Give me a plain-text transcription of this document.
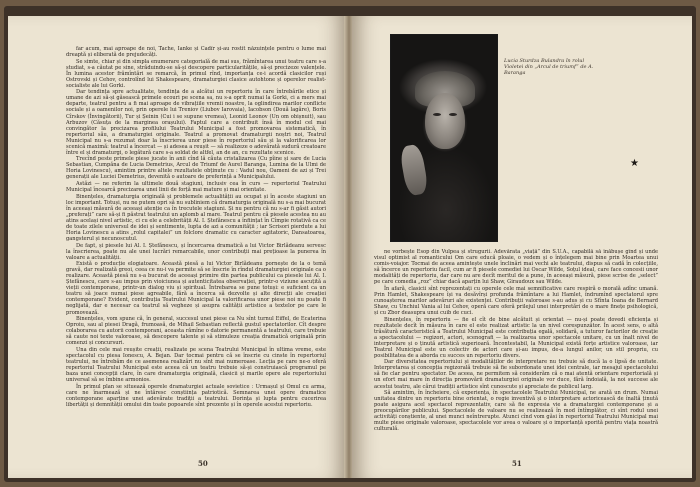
far acum, mai aproape de noi, Tache, Ianke și Cadîr și-au rostit năzuințele pentru o lume mai dreaptă și eliberată de prejudecăți.

Se simte, chiar și din simpla enumerare categorială de mai sus, frămîntarea unui teatru care s-a studiat, s-a căutat pe sine, străduindu-se să-și descopere particularitățile, să-și precizeze valențele. În lumina acestor frămîntări se remarcă, în primul rînd, importanța ce-i acordă clasicilor ruși Ostrovski și Cehov, controlînd lui Shakespeare, dramaturgiei clasice autohtone și operelor realist-socialiste ale lui Gorki.

Dar tendința spre actualitate, tendința de a alcătui un repertoriu în care întrebările etice și umane de azi să-și găsească primele ecouri pe scena sa, nu s-a oprit numai la Gorki, ci a mers mai departe, teatrul pentru a fi mai aproape de vibrațiile vremii noastre, la oglindirea marilor conflicte sociale și a oamenilor noi, prin operele lui Treniov (Liubov Iarovaia), Iacobson (Două lagăre), Boris Cîrskov (Învingătorii), Tur și Șeinin (Cui i se supune vremea), Leonid Leonov (Un om obișnuit), sau Arbuzov (Căsuța de la marginea orașului). Faptul care a contribuit însă în modul cel mai convingător la precizarea profilului Teatrului Municipal a fost promovarea sistematică, în repertoriul său, a dramaturgiei originale. Teatrul a promovat dramaturgii noștri noi, Teatrul Municipal nu s-a rezumat doar la înscrierea unor piese în repertoriul său și la valorificarea lor scenică maximă: teatrul a încercat — și adesea a reușit — să realizeze o adevărată sudură creatoare între el și dramaturgi, o legătură care s-a soldat de altfel, an de an, cu rezultate scenice.

Trecînd peste primele piese jucate în anii cînd lă căuta cristalizarea (Cu pîine și sare de Lucia Sebastian, Cumpăna de Lucia Demetrius, Arcul de Triumf de Aurel Baranga, Lumina de la Ulmi de Horia Lovinescu), amintim printre altele rezultatele obținute cu : Vadul nou, Oameni de azi și Trei generații ale Luciei Demetrius, devenită o autoare de preferință a Municipalului.

Astăzi — ne referim la ultimele două stagiuni, inclusiv cea în curs — repertoriul Teatrului Municipal încearcă precizarea unei linii de forță mai mature și mai orientate.

Binențeles, dramaturgia originală și problemele actualității au ocupat și în aceste stagiuni un loc important. Totuși, nu ne putem opri să nu subliniem că dramaturgia originală nu s-a mai bucurat în aceeași măsură de aceeași atenție ca în trecutele stagiuni. Și nu pentru că nu s-ar fi găsit autori „preferați” care să-și fi păstrat teatrului un aplomb al mare. Teatrul pentru că piesele acestea nu au atins același nivel artistic, ci cu ele a celebrității Al. I. Ștefănescu a înființat în Cîmpie rotativă ca ce de toate zilele universul de idei și sentimente, lupta de azi a comunității ; iar Scrisori pierdute a lui Horia Lovinescu a atins „rolul capitalei” un folclore dramatic cu caracter agitatoric, Dansatoarea, gangsterul și necunoscutul.

De fapt, și piesele lui Al. I. Ștefănescu, și încercarea dramatică a lui Victor Birlădeanu servesc la înscrierea, poate nu ale unei lucrări remarcabile, unor contribuții mai prețioase la punerea în valoare a actualității.

Există o producție elogiatoare. Această piesă a lui Victor Birlădeanu pornește de la o temă gravă, dar realizată greoi, ceea ce nu-i va permite să se înscrie în rîndul dramaturgiei originale ca o realizare. Această piesă nu s-a bucurat de aceeași primire din partea publicului ca piesele lui Al. I. Ștefănescu, care s-au impus prin vioiciunea și autenticitatea observației, printr-o viziune ascuțită a vieții contemporane, printr-un dialog viu și spiritual. Întrebarea se pune totuși: e suficient ca un teatru să joace numai piese agreabile, fără a încerca să dezvolte și alte direcții ale creației contemporane? Evident, contribuția Teatrului Municipal la valorificarea unor piese noi nu poate fi neglijată, dar e necesar ca teatrul să vegheze și asupra calității artistice a textelor pe care le promovează.

Binențeles, vom spune că, în general, succesul unei piese ca Nu sînt turnul Eiffel, de Ecaterina Oproiu, sau al piesei Dragă, frumoasă, de Mihail Sebastian reflectă gustul spectatorilor. Cît despre colaborarea cu autorii contemporani, aceasta rămîne o datorie permanentă a teatrului, care trebuie să caute noi texte valoroase, să descopere talente și să stimuleze creația dramatică originală prin comenzi și concursuri.

Una din cele mai reușite creații, realizate pe scena Teatrului Municipal în ultima vreme, este spectacolul cu piesa Ionescu, A. Bejan. Dar tocmai pentru că se înscrie cu cinste în repertoriul teatrului, ne întrebăm de ce asemenea realizări nu sînt mai numeroase. Lecția pe care ne-o oferă repertoriul Teatrului Municipal este aceea că un teatru trebuie să-și construiască programul pe baza unei concepții clare, în care dramaturgia originală, clasicii și marile opere ale repertoriului universal să se îmbine armonios.

În primul plan se situează operele dramaturgiei actuale sovietice : Urmașul și Omul cu arma, care ne înarmează și ne întăresc conștiința patriotică. Semnarea unei opere dramatice contemporane aparține unei adevărate tradiții a teatrului. Dorința și lupta pentru cucerirea libertății și demnității omului din toate popoarele sînt prezente și în operele acestui repertoriu.

50
Lucia Sturdza Bulandra în rolul Violetei din „Arcul de triumf” de A. Baranga
★

ne vorbește Esop din Vulpea și strugurii. Adevărata „viață” din S.U.A., capabilă să înăbușe gînd și unde visul optimist al romanticului Om care educă ploaie, o vedem și o înțelegem mai bine prin Moartea unui comis-voiajor. Tocmai de aceea amintește unele înclinări mai vechi ale teatrului, dispus să cadă în colecțiile, să încerce un repertoriu facil, cum ar fi piesele comediei lui Oscar Wilde, Soțul ideal, care face concesii unor modalități de repertoriu, dar care nu are decît meritul de a pune, în aceeași măsură, piese scrise de „select” pe care comedia „roz” chiar dacă aparțin lui Shaw, Giraudoux sau Wilde.

În afară, clasicii sînt reprezentați cu operele cele mai semnificative care respiră o morală adînc umană. Prin Hamlet, Shakespeare își va desăvîrși profunda frămîntare a lui Hamlet, îndrumînd spectatorul spre cunoașterea marilor adevăruri ale existenței. Contribuții valoroase s-au adus și cu Sfînta Ioana de Bernard Shaw, cu Unchiul Vania al lui Cehov, operă care oferă prilejul unei interpretări de o mare finețe psihologică, și cu Zbor deasupra unui cuib de cuci.

Binențeles, în repertoriu — fie el cît de bine alcătuit și orientat — nu-și poate dovedi eficiența și rezultatele decît în măsura în care el este realizat artistic la un nivel corespunzător. În acest sens, o altă trăsătură caracteristică a Teatrului Municipal este contribuția egală, solidară, a tuturor factorilor de creație a spectacolului — regizori, actori, scenografi — la realizarea unor spectacole unitare, cu un înalt nivel de interpretare și o ținută artistică superioară. Încontestabil, la Municipal există forțe artistice valoroase, iar Teatrul Municipal este un colectiv de actori care și-au impus, de-a lungul anilor, un stil propriu, cu posibilitatea de a aborda cu succes un repertoriu divers.

Dar diversitatea repertoriului și modalităților de interpretare nu trebuie să ducă la o lipsă de unitate. Interpretarea și concepția regizorală trebuie să fie subordonate unei idei centrale, iar mesajul spectacolului să fie clar pentru spectator. De aceea, ne permitem să considerăm că o mai atentă orientare repertorială și un efort mai mare în direcția promovării dramaturgiei originale vor duce, fără îndoială, la noi succese ale acestui teatru, ale cărui tradiții artistice sînt cunoscute și apreciate de publicul larg.

Să amintim, în încheiere, că experiența, în spectacolele Teatrului Municipal, ne arată un drum. Numai unitatea dintre un repertoriu bine orientat, o regie inventivă și o interpretare actoricească de înaltă ținută poate asigura acel spectacol reprezentativ, care să fie expresia vie a dramaturgiei contemporane și a preocupărilor publicului. Spectacolele de valoare nu se realizează în mod întîmplător, ci sînt rodul unei activități conștiente, al unei munci neîntrerupte. Atunci cînd vom găsi în repertoriul Teatrului Municipal mai multe piese originale valoroase, spectacolele vor avea o valoare și o importanță sporită pentru viața noastră culturală.

51
